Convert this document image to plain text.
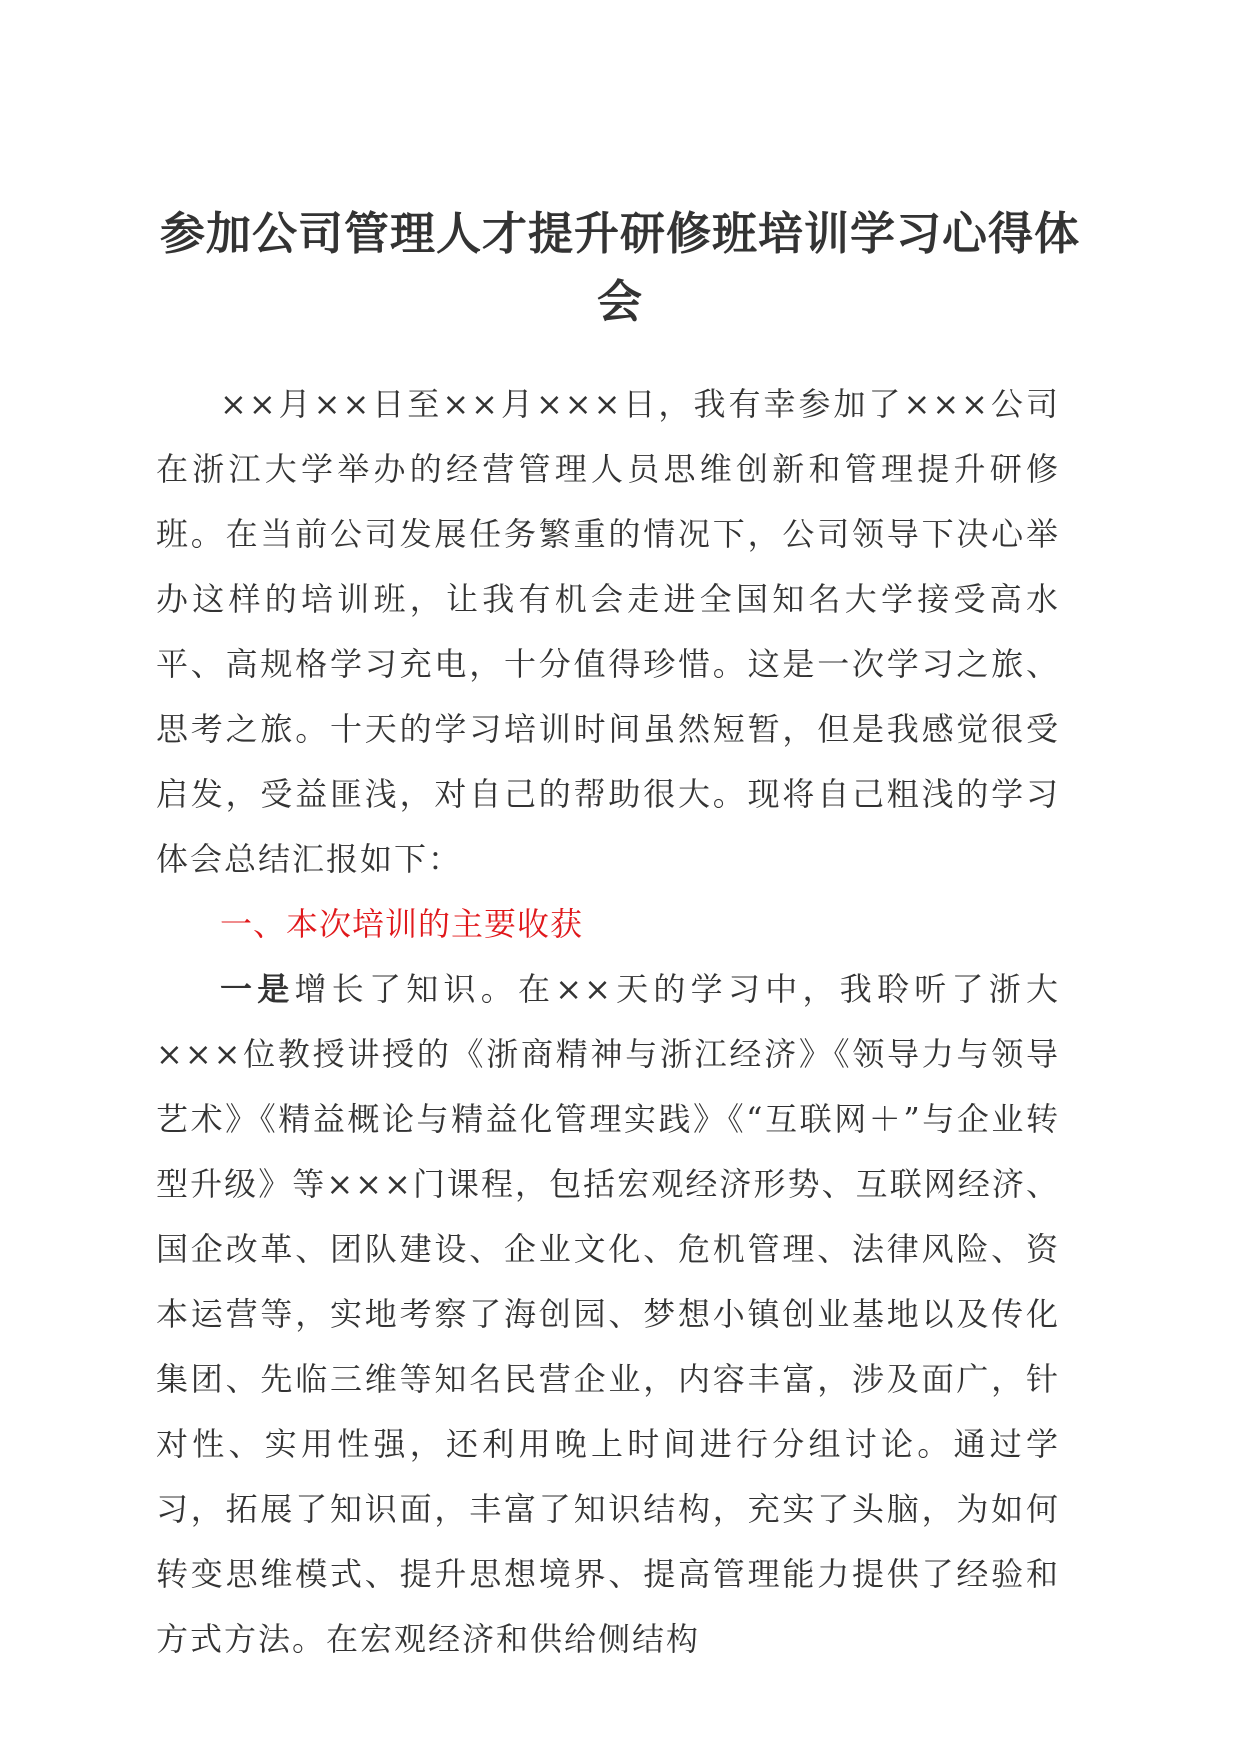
参加公司管理人才提升研修班培训学习心得体会

××月××日至××月×××日，我有幸参加了×××公司在浙江大学举办的经营管理人员思维创新和管理提升研修班。在当前公司发展任务繁重的情况下，公司领导下决心举办这样的培训班，让我有机会走进全国知名大学接受高水平、高规格学习充电，十分值得珍惜。这是一次学习之旅、思考之旅。十天的学习培训时间虽然短暂，但是我感觉很受启发，受益匪浅，对自己的帮助很大。现将自己粗浅的学习体会总结汇报如下：

一、本次培训的主要收获

一是增长了知识。在××天的学习中，我聆听了浙大×××位教授讲授的《浙商精神与浙江经济》《领导力与领导艺术》《精益概论与精益化管理实践》《“互联网＋”与企业转型升级》等×××门课程，包括宏观经济形势、互联网经济、国企改革、团队建设、企业文化、危机管理、法律风险、资本运营等，实地考察了海创园、梦想小镇创业基地以及传化集团、先临三维等知名民营企业，内容丰富，涉及面广，针对性、实用性强，还利用晚上时间进行分组讨论。通过学习，拓展了知识面，丰富了知识结构，充实了头脑，为如何转变思维模式、提升思想境界、提高管理能力提供了经验和方式方法。在宏观经济和供给侧结构
